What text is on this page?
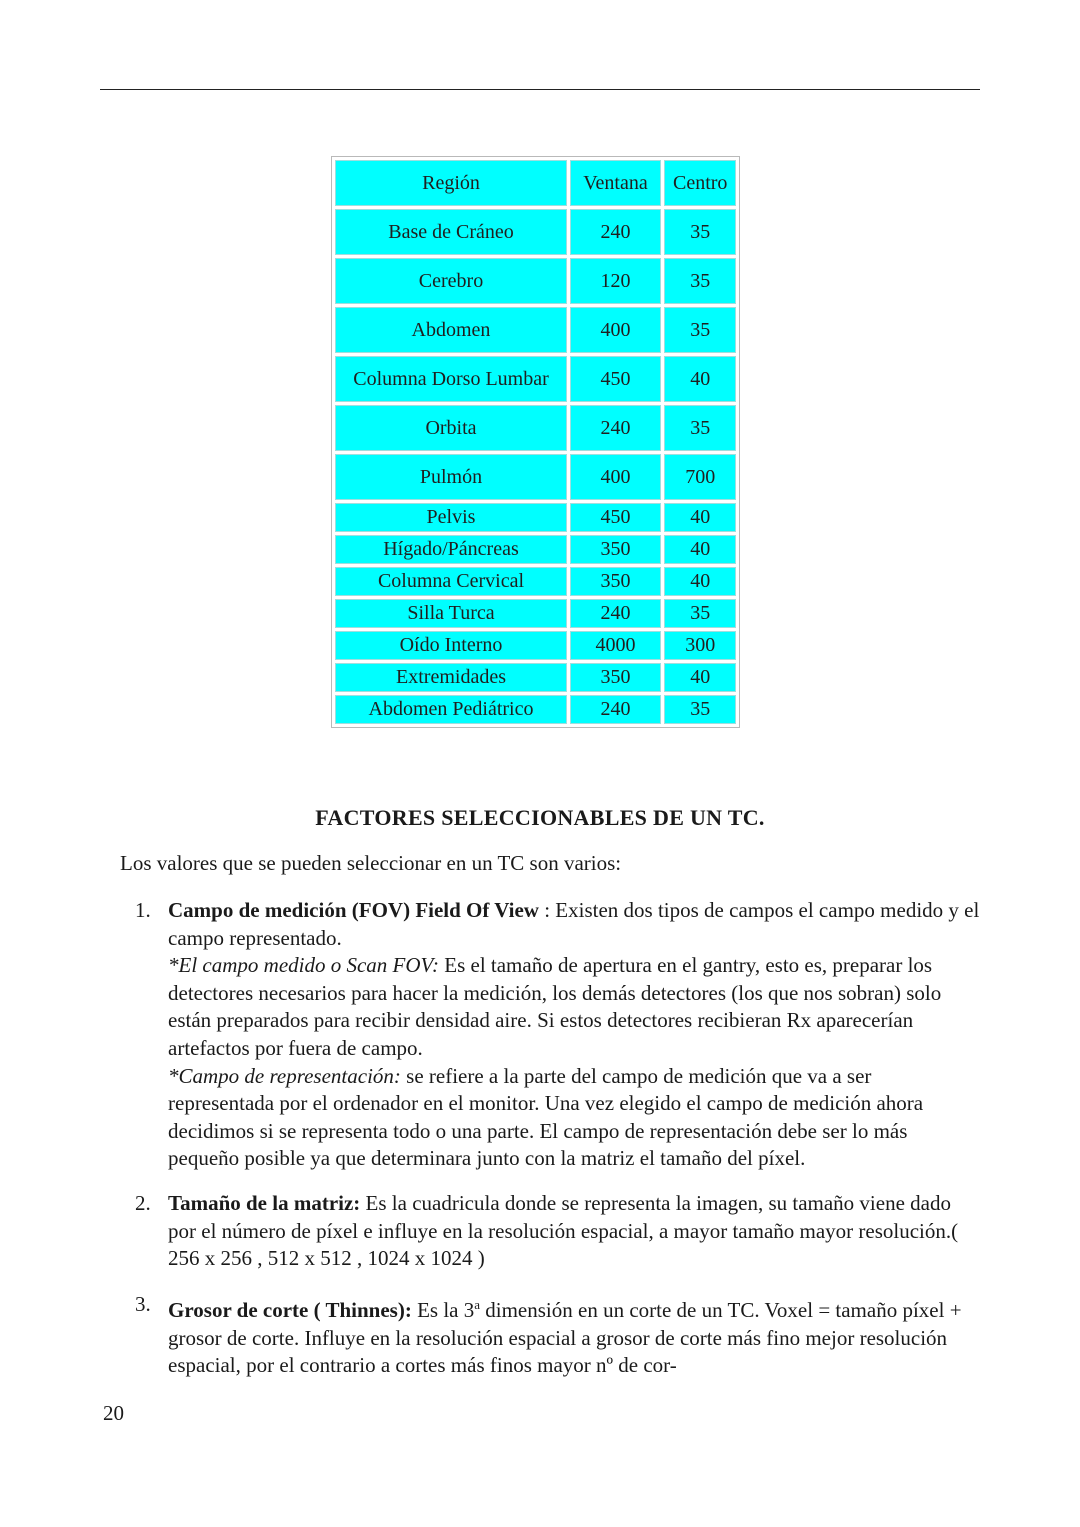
Región	Ventana	Centro
Base de Cráneo	240	35
Cerebro	120	35
Abdomen	400	35
Columna Dorso Lumbar	450	40
Orbita	240	35
Pulmón	400	700
Pelvis	450	40
Hígado/Páncreas	350	40
Columna Cervical	350	40
Silla Turca	240	35
Oído Interno	4000	300
Extremidades	350	40
Abdomen Pediátrico	240	35
FACTORES SELECCIONABLES DE UN TC.
Los valores que se pueden seleccionar en un TC son varios:
1. Campo de medición (FOV) Field Of View : Existen dos tipos de campos el campo medido y el campo representado.
*El campo medido o Scan FOV: Es el tamaño de apertura en el gantry, esto es, preparar los detectores necesarios para hacer la medición, los demás detectores (los que nos sobran) solo están preparados para recibir densidad aire. Si estos detectores recibieran Rx aparecerían artefactos por fuera de campo.
*Campo de representación: se refiere a la parte del campo de medición que va a ser representada por el ordenador en el monitor. Una vez elegido el campo de medición ahora decidimos si se representa todo o una parte. El campo de representación debe ser lo más pequeño posible ya que determinara junto con la matriz el tamaño del píxel.
2. Tamaño de la matriz: Es la cuadricula donde se representa la imagen, su tamaño viene dado por el número de píxel e influye en la resolución espacial, a mayor tamaño mayor resolución.( 256 x 256 , 512 x 512 , 1024 x 1024 )
3. Grosor de corte ( Thinnes): Es la 3$^a$ dimensión en un corte de un TC. Voxel = tamaño píxel + grosor de corte. Influye en la resolución espacial a grosor de corte más fino mejor resolución espacial, por el contrario a cortes más finos mayor nº de cor-
20
